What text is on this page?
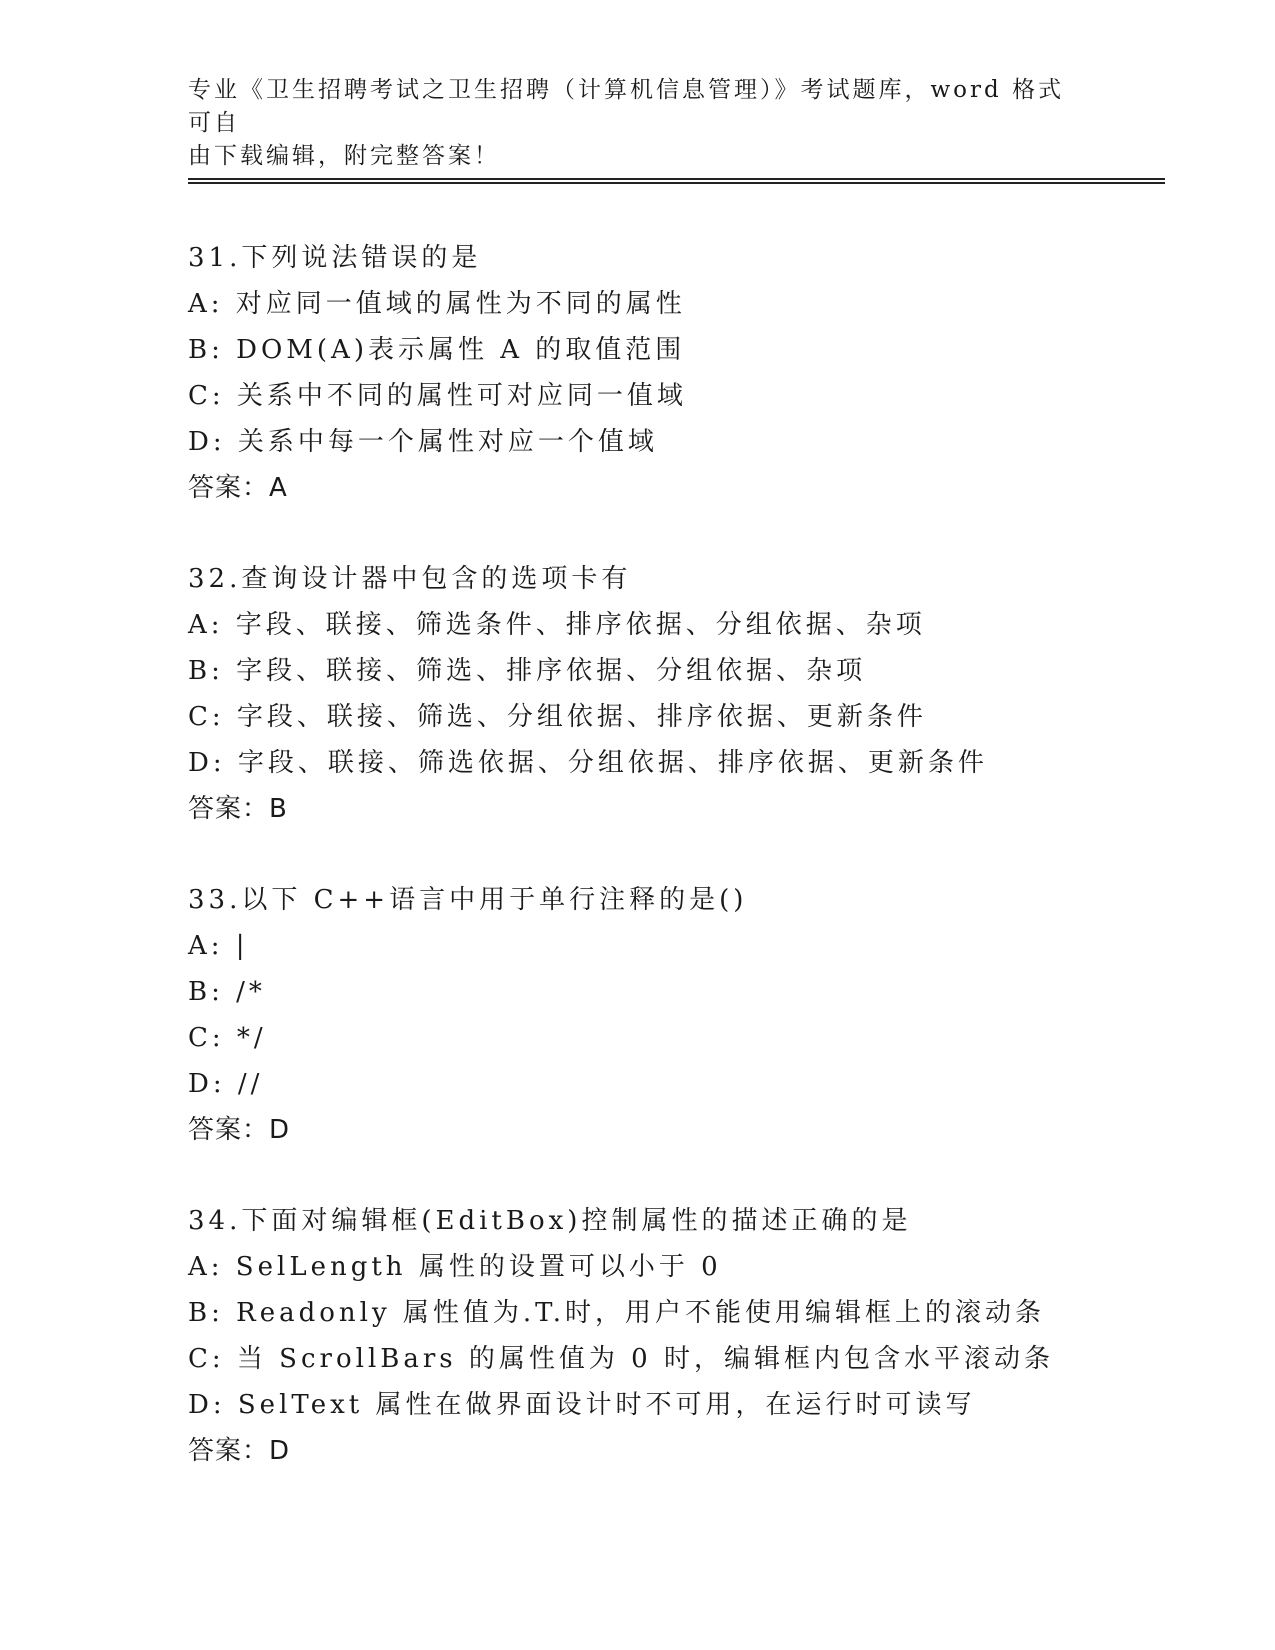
专业《卫生招聘考试之卫生招聘（计算机信息管理）》考试题库，word 格式可自
由下载编辑，附完整答案！
31.下列说法错误的是
A: 对应同一值域的属性为不同的属性
B: DOM(A)表示属性 A 的取值范围
C: 关系中不同的属性可对应同一值域
D: 关系中每一个属性对应一个值域
答案：A
32.查询设计器中包含的选项卡有
A: 字段、联接、筛选条件、排序依据、分组依据、杂项
B: 字段、联接、筛选、排序依据、分组依据、杂项
C: 字段、联接、筛选、分组依据、排序依据、更新条件
D: 字段、联接、筛选依据、分组依据、排序依据、更新条件
答案：B
33.以下 C++语言中用于单行注释的是()
A: |
B: /*
C: */
D: //
答案：D
34.下面对编辑框(EditBox)控制属性的描述正确的是
A: SelLength 属性的设置可以小于 0
B: Readonly 属性值为.T.时，用户不能使用编辑框上的滚动条
C: 当 ScrollBars 的属性值为 0 时，编辑框内包含水平滚动条
D: SelText 属性在做界面设计时不可用，在运行时可读写
答案：D
